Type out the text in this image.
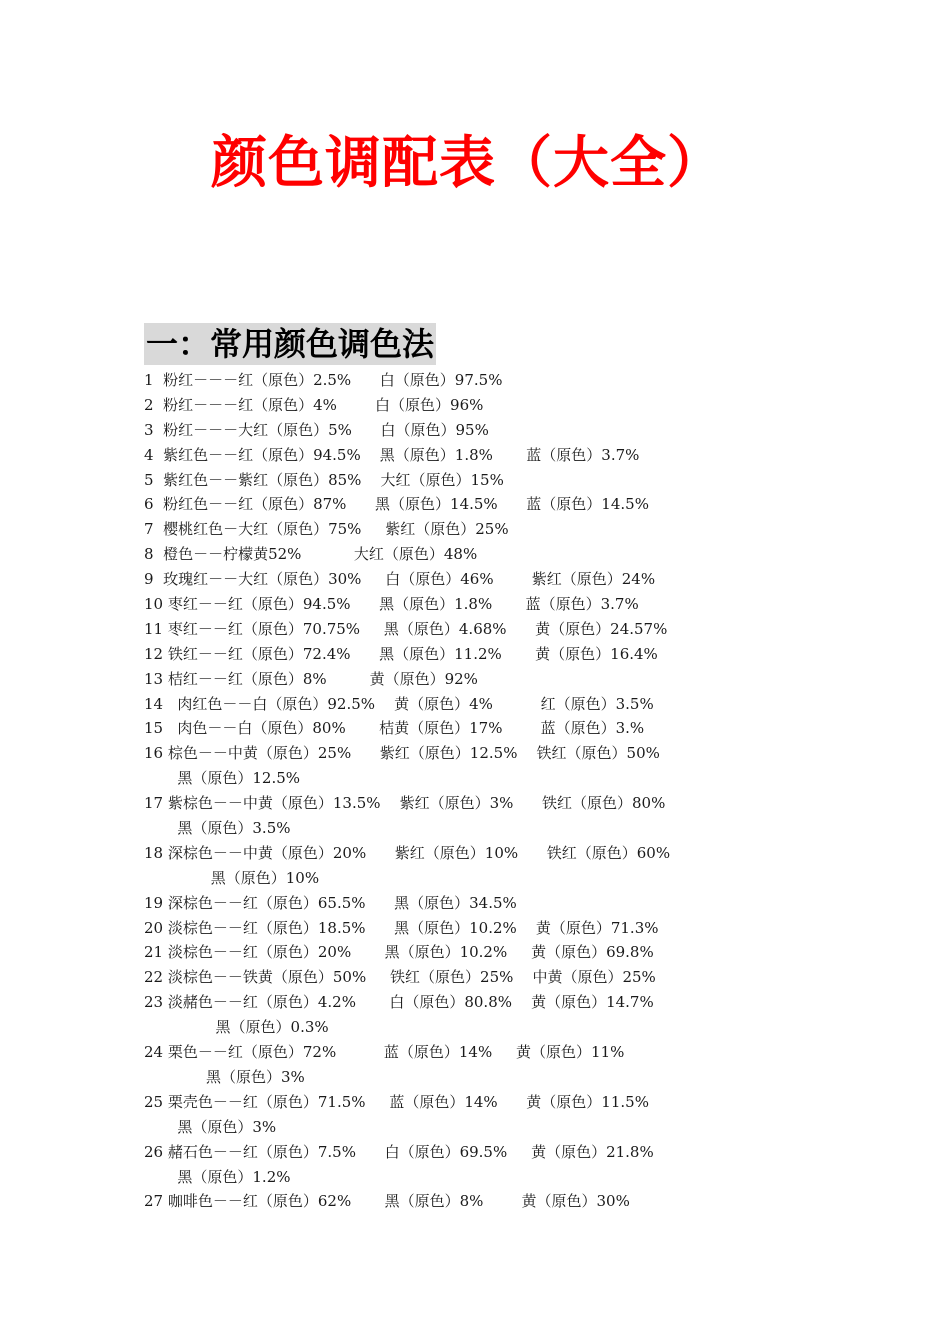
颜色调配表（大全）
一：常用颜色调色法
1  粉红－－－红（原色）2.5%      白（原色）97.5%
2  粉红－－－红（原色）4%        白（原色）96%
3  粉红－－－大红（原色）5%      白（原色）95%
4  紫红色－－红（原色）94.5%    黑（原色）1.8%       蓝（原色）3.7%
5  紫红色－－紫红（原色）85%    大红（原色）15%
6  粉红色－－红（原色）87%      黑（原色）14.5%      蓝（原色）14.5%
7  樱桃红色－大红（原色）75%     紫红（原色）25%
8  橙色－－柠檬黄52%           大红（原色）48%
9  玫瑰红－－大红（原色）30%     白（原色）46%        紫红（原色）24%
10 枣红－－红（原色）94.5%      黑（原色）1.8%       蓝（原色）3.7%
11 枣红－－红（原色）70.75%     黑（原色）4.68%      黄（原色）24.57%
12 铁红－－红（原色）72.4%      黑（原色）11.2%       黄（原色）16.4%
13 桔红－－红（原色）8%         黄（原色）92%
14   肉红色－－白（原色）92.5%    黄（原色）4%          红（原色）3.5%
15   肉色－－白（原色）80%       桔黄（原色）17%        蓝（原色）3.%
16 棕色－－中黄（原色）25%      紫红（原色）12.5%    铁红（原色）50%
黑（原色）12.5%
17 紫棕色－－中黄（原色）13.5%    紫红（原色）3%      铁红（原色）80%
黑（原色）3.5%
18 深棕色－－中黄（原色）20%      紫红（原色）10%      铁红（原色）60%
黑（原色）10%
19 深棕色－－红（原色）65.5%      黑（原色）34.5%
20 淡棕色－－红（原色）18.5%      黑（原色）10.2%    黄（原色）71.3%
21 淡棕色－－红（原色）20%       黑（原色）10.2%     黄（原色）69.8%
22 淡棕色－－铁黄（原色）50%     铁红（原色）25%    中黄（原色）25%
23 淡赭色－－红（原色）4.2%       白（原色）80.8%    黄（原色）14.7%
黑（原色）0.3%
24 栗色－－红（原色）72%          蓝（原色）14%     黄（原色）11%
黑（原色）3%
25 栗壳色－－红（原色）71.5%     蓝（原色）14%      黄（原色）11.5%
黑（原色）3%
26 赭石色－－红（原色）7.5%      白（原色）69.5%     黄（原色）21.8%
黑（原色）1.2%
27 咖啡色－－红（原色）62%       黑（原色）8%        黄（原色）30%
